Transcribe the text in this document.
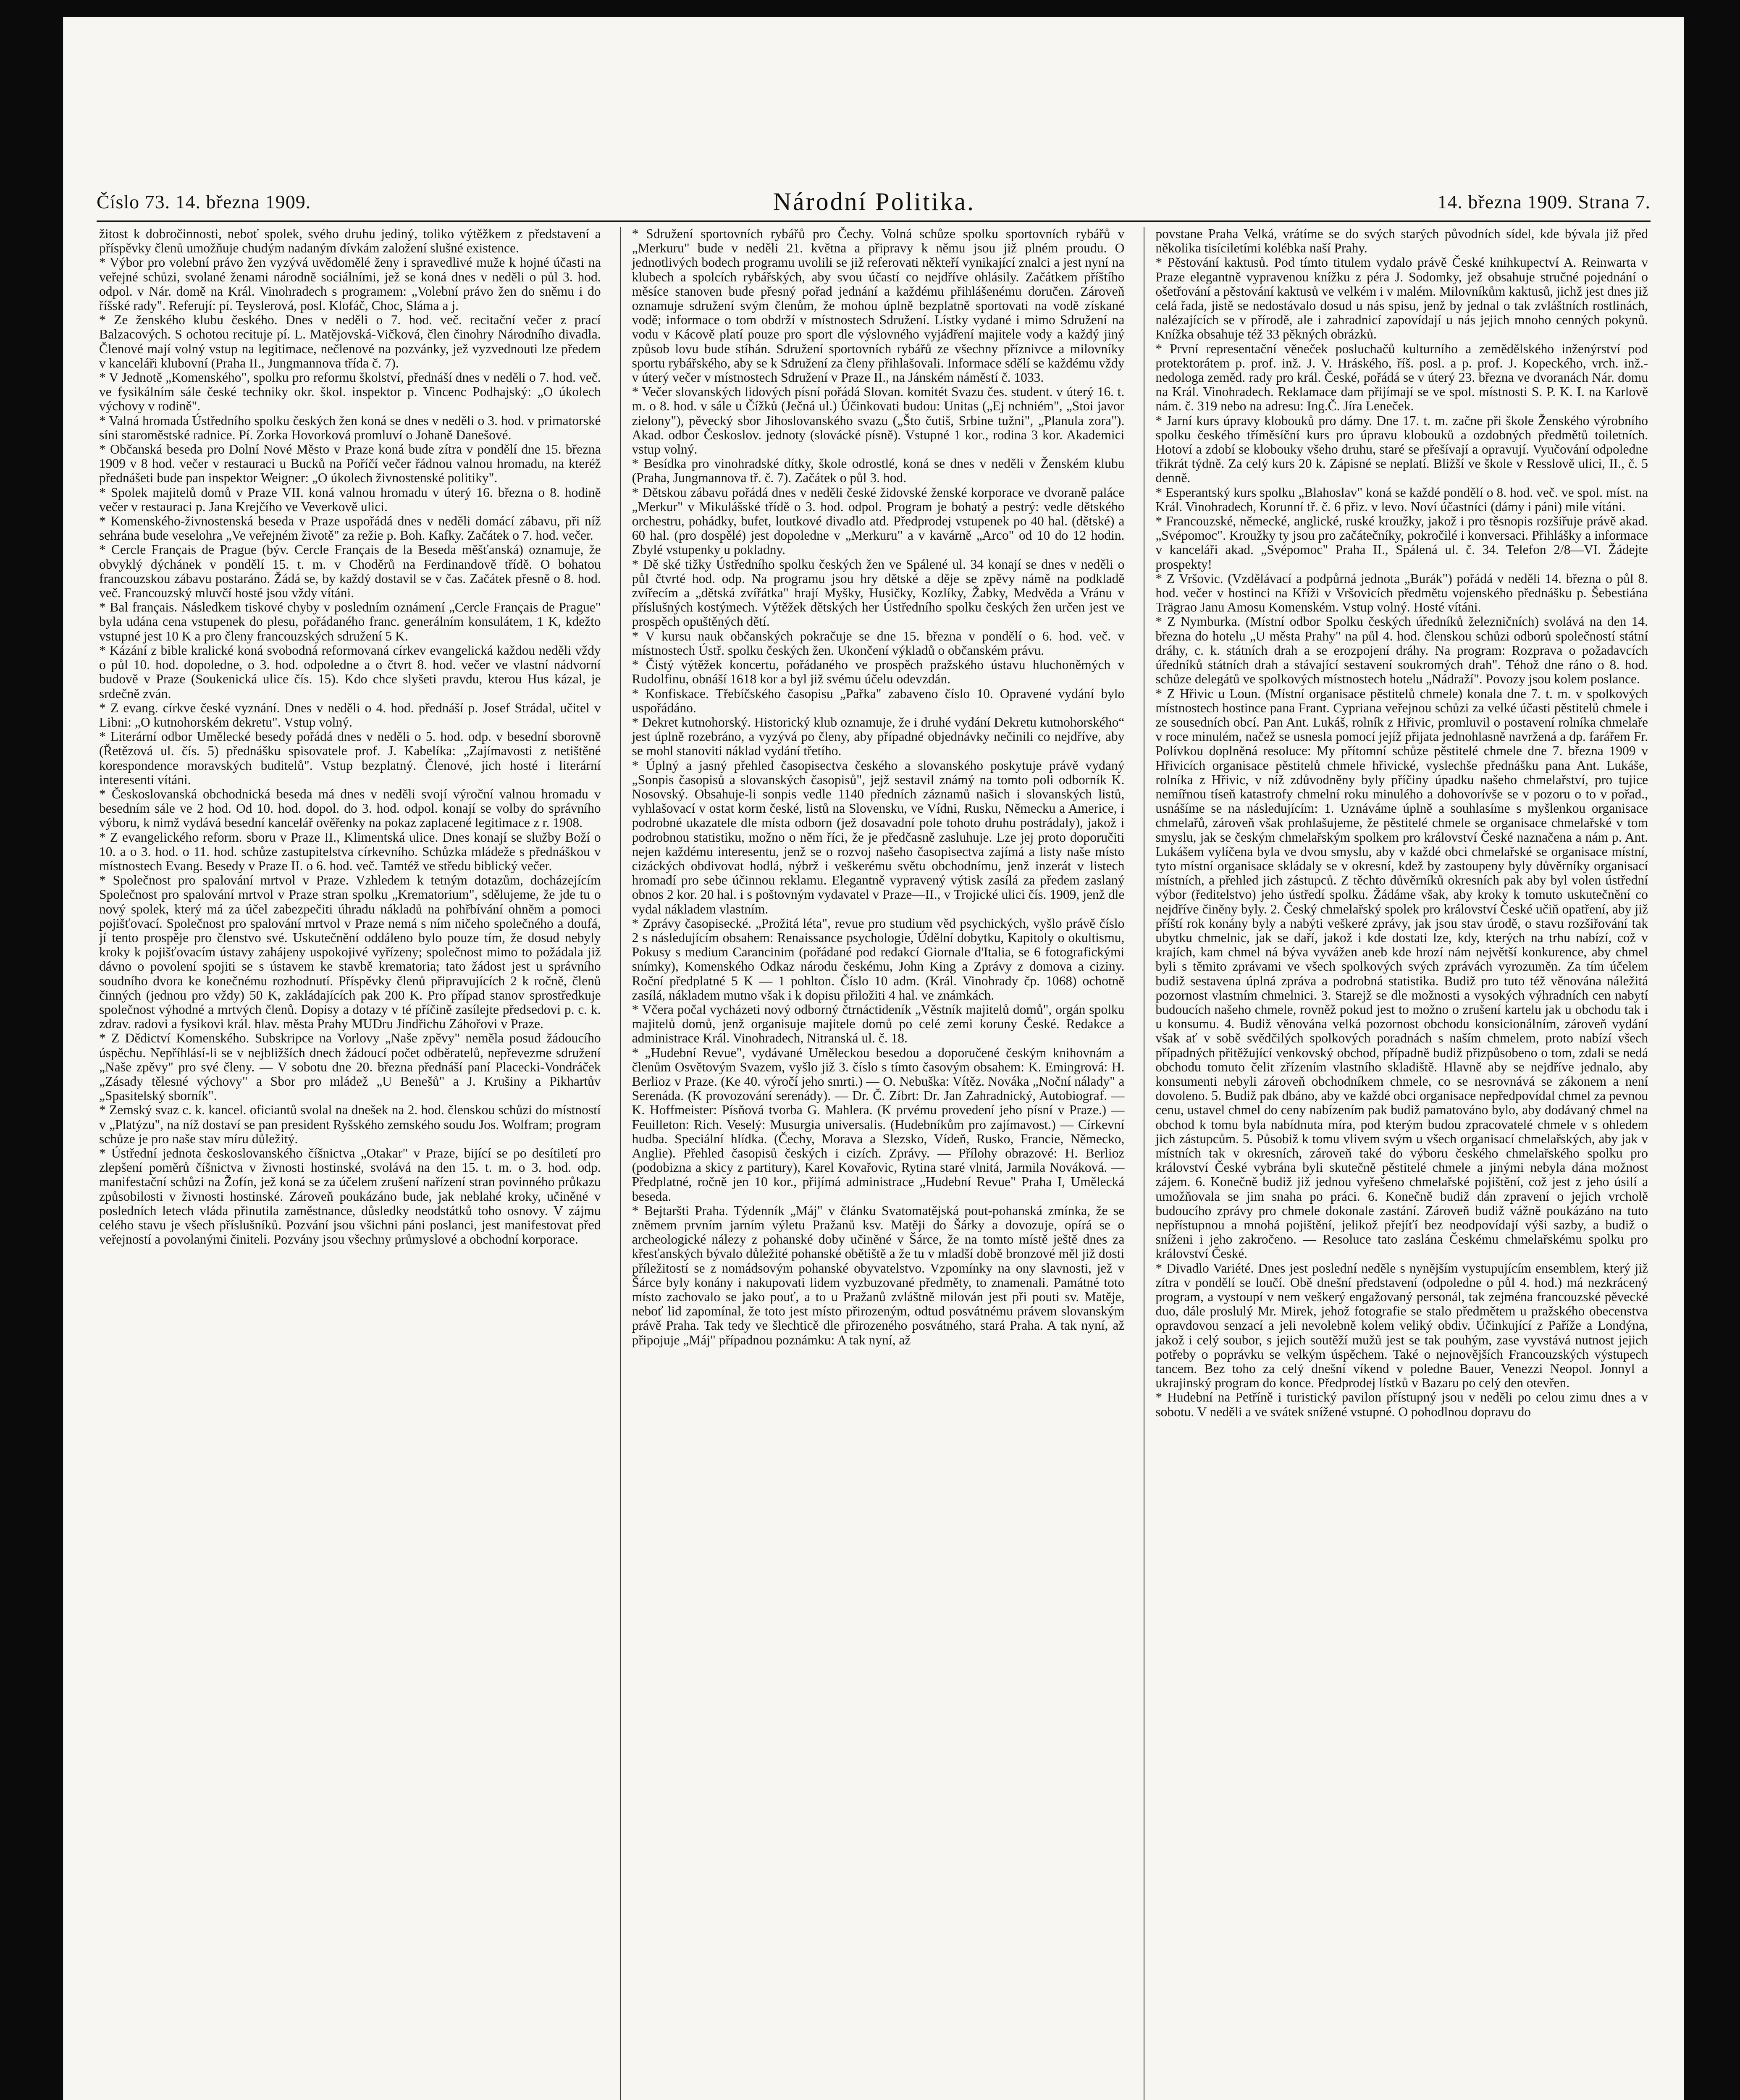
Číslo 73. 14. března 1909.	Národní Politika.	14. března 1909. Strana 7.
žitost k dobročinnosti, neboť spolek, svého druhu jediný, toliko výtěžkem z představení a příspěvky členů umožňuje chudým nadaným dívkám založení slušné existence.
* Výbor pro volební právo žen vyzývá uvědomělé ženy i spravedlivé muže k hojné účasti na veřejné schůzi, svolané ženami národně sociálními, jež se koná dnes v neděli o půl 3. hod. odpol. v Nár. domě na Král. Vinohradech s programem: „Volební právo žen do sněmu i do říšské rady". Referují: pí. Teyslerová, posl. Klofáč, Choc, Sláma a j.
* Ze ženského klubu českého. Dnes v neděli o 7. hod. več. recitační večer z prací Balzacových. S ochotou recituje pí. L. Matějovská-Vičková, člen činohry Národního divadla. Členové mají volný vstup na legitimace, nečlenové na pozvánky, jež vyzvednouti lze předem v kanceláři klubovní (Praha II., Jungmannova třída č. 7).
* V Jednotě „Komenského", spolku pro reformu školství, přednáší dnes v neděli o 7. hod. več. ve fysikálním sále české techniky okr. škol. inspektor p. Vincenc Podhajský: „O úkolech výchovy v rodině".
* Valná hromada Ústředního spolku českých žen koná se dnes v neděli o 3. hod. v primatorské síni staroměstské radnice. Pí. Zorka Hovorková promluví o Johaně Danešové.
* Občanská beseda pro Dolní Nové Město v Praze koná bude zítra v pondělí dne 15. března 1909 v 8 hod. večer v restauraci u Bucků na Poříčí večer řádnou valnou hromadu, na kteréž přednášeti bude pan inspektor Weigner: „O úkolech živnostenské politiky".
* Spolek majitelů domů v Praze VII. koná valnou hromadu v úterý 16. března o 8. hodině večer v restauraci p. Jana Krejčího ve Veverkově ulici.
* Komenského-živnostenská beseda v Praze uspořádá dnes v neděli domácí zábavu, při níž sehrána bude veselohra „Ve veřejném životě" za režie p. Boh. Kafky. Začátek o 7. hod. večer.
* Cercle Français de Prague (býv. Cercle Français de la Beseda měšťanská) oznamuje, že obvyklý dýchánek v pondělí 15. t. m. v Choděrů na Ferdinandově třídě. O bohatou francouzskou zábavu postaráno. Žádá se, by každý dostavil se v čas. Začátek přesně o 8. hod. več. Francouzský mluvčí hosté jsou vždy vítáni.
* Bal français. Následkem tiskové chyby v posledním oznámení „Cercle Français de Prague" byla udána cena vstupenek do plesu, pořádaného franc. generálním konsulátem, 1 K, kdežto vstupné jest 10 K a pro členy francouzských sdružení 5 K.
* Kázání z bible kralické koná svobodná reformovaná církev evangelická každou neděli vždy o půl 10. hod. dopoledne, o 3. hod. odpoledne a o čtvrt 8. hod. večer ve vlastní nádvorní budově v Praze (Soukenická ulice čís. 15). Kdo chce slyšeti pravdu, kterou Hus kázal, je srdečně zván.
* Z evang. církve české vyznání. Dnes v neděli o 4. hod. přednáší p. Josef Strádal, učitel v Libni: „O kutnohorském dekretu". Vstup volný.
* Literární odbor Umělecké besedy pořádá dnes v neděli o 5. hod. odp. v besední sborovně (Řetězová ul. čís. 5) přednášku spisovatele prof. J. Kabelíka: „Zajímavosti z netištěné korespondence moravských buditelů". Vstup bezplatný. Členové, jich hosté i literární interesenti vítáni.
* Českoslovanská obchodnická beseda má dnes v neděli svojí výroční valnou hromadu v besedním sále ve 2 hod. Od 10. hod. dopol. do 3. hod. odpol. konají se volby do správního výboru, k nimž vydává besední kancelář ověřenky na pokaz zaplacené legitimace z r. 1908.
* Z evangelického reform. sboru v Praze II., Klimentská ulice. Dnes konají se služby Boží o 10. a o 3. hod. o 11. hod. schůze zastupitelstva církevního. Schůzka mládeže s přednáškou v místnostech Evang. Besedy v Praze II. o 6. hod. več. Tamtéž ve středu biblický večer.
* Společnost pro spalování mrtvol v Praze. Vzhledem k tetným dotazům, docházejícím Společnost pro spalování mrtvol v Praze stran spolku „Krematorium", sdělujeme, že jde tu o nový spolek, který má za účel zabezpečiti úhradu nákladů na pohřbívání ohněm a pomoci pojišťovací. Společnost pro spalování mrtvol v Praze nemá s ním ničeho společného a doufá, jí tento prospěje pro členstvo své. Uskutečnění oddáleno bylo pouze tím, že dosud nebyly kroky k pojišťovacím ústavy zahájeny uspokojivé vyřízeny; společnost mimo to požádala již dávno o povolení spojiti se s ústavem ke stavbě krematoria; tato žádost jest u správního soudního dvora ke konečnému rozhodnutí. Příspěvky členů připravujících 2 k ročně, členů činných (jednou pro vždy) 50 K, zakládajících pak 200 K. Pro případ stanov sprostředkuje společnost výhodné a mrtvých členů. Dopisy a dotazy v té příčině zasílejte předsedovi p. c. k. zdrav. radovi a fysikovi král. hlav. města Prahy MUDru Jindřichu Záhořovi v Praze.
* Z Dědictví Komenského. Subskripce na Vorlovy „Naše zpěvy" neměla posud žádoucího úspěchu. Nepříhlásí-li se v nejbližších dnech žádoucí počet odběratelů, nepřevezme sdružení „Naše zpěvy" pro své členy. — V sobotu dne 20. března přednáší paní Placecki-Vondráček „Zásady tělesné výchovy" a Sbor pro mládež „U Benešů" a J. Krušiny a Pikhartův „Spasitelský sborník".
* Zemský svaz c. k. kancel. oficiantů svolal na dnešek na 2. hod. členskou schůzi do místností v „Platýzu", na níž dostaví se pan president Ryšského zemského soudu Jos. Wolfram; program schůze je pro naše stav míru důležitý.
* Ústřední jednota českoslovanského číšnictva „Otakar" v Praze, bijící se po desítiletí pro zlepšení poměrů číšnictva v živnosti hostinské, svolává na den 15. t. m. o 3. hod. odp. manifestační schůzi na Žofín, jež koná se za účelem zrušení nařízení stran povinného průkazu způsobilosti v živnosti hostinské. Zároveň poukázáno bude, jak neblahé kroky, učiněné v posledních letech vláda přinutila zaměstnance, důsledky neodstátků toho osnovy. V zájmu celého stavu je všech příslušníků. Pozvání jsou všichni páni poslanci, jest manifestovat před veřejností a povolanými činiteli. Pozvány jsou všechny průmyslové a obchodní korporace.
* Sdružení sportovních rybářů pro Čechy. Volná schůze spolku sportovních rybářů v „Merkuru" bude v neděli 21. května a připravy k němu jsou již plném proudu. O jednotlivých bodech programu uvolili se již referovati někteří vynikající znalci a jest nyní na klubech a spolcích rybářských, aby svou účastí co nejdříve ohlásily. Začátkem příštího měsíce stanoven bude přesný pořad jednání a každému přihlášenému doručen. Zároveň oznamuje sdružení svým členům, že mohou úplně bezplatně sportovati na vodě získané vodě; informace o tom obdrží v místnostech Sdružení. Lístky vydané i mimo Sdružení na vodu v Kácově platí pouze pro sport dle výslovného vyjádření majitele vody a každý jiný způsob lovu bude stíhán. Sdružení sportovních rybářů ze všechny příznivce a milovníky sportu rybářského, aby se k Sdružení za členy přihlašovali. Informace sdělí se každému vždy v úterý večer v místnostech Sdružení v Praze II., na Jánském náměstí č. 1033.
* Večer slovanských lidových písní pořádá Slovan. komitét Svazu čes. student. v úterý 16. t. m. o 8. hod. v sále u Čížků (Ječná ul.) Účinkovati budou: Unitas („Ej nchniém", „Stoi javor zielony"), pěvecký sbor Jihoslovanského svazu („Što čutiš, Srbine tužni", „Planula zora"). Akad. odbor Českoslov. jednoty (slovácké písně). Vstupné 1 kor., rodina 3 kor. Akademici vstup volný.
* Besídka pro vinohradské dítky, škole odrostlé, koná se dnes v neděli v Ženském klubu (Praha, Jungmannova tř. č. 7). Začátek o půl 3. hod.
* Dětskou zábavu pořádá dnes v neděli české židovské ženské korporace ve dvoraně paláce „Merkur" v Mikulášské třídě o 3. hod. odpol. Program je bohatý a pestrý: vedle dětského orchestru, pohádky, bufet, loutkové divadlo atd. Předprodej vstupenek po 40 hal. (dětské) a 60 hal. (pro dospělé) jest dopoledne v „Merkuru" a v kavárně „Arco" od 10 do 12 hodin. Zbylé vstupenky u pokladny.
* Dě ské tižky Ústředního spolku českých žen ve Spálené ul. 34 konají se dnes v neděli o půl čtvrté hod. odp. Na programu jsou hry dětské a děje se zpěvy námě na podkladě zvířecím a „dětská zvířátka" hrají Myšky, Husičky, Kozlíky, Žabky, Medvěda a Vránu v příslušných kostýmech. Výtěžek dětských her Ústředního spolku českých žen určen jest ve prospěch opuštěných dětí.
* V kursu nauk občanských pokračuje se dne 15. března v pondělí o 6. hod. več. v místnostech Ústř. spolku českých žen. Ukončení výkladů o občanském právu.
* Čistý výtěžek koncertu, pořádaného ve prospěch pražského ústavu hluchoněmých v Rudolfinu, obnáší 1618 kor a byl již svému účelu odevzdán.
* Konfiskace. Třebíčského časopisu „Pařka" zabaveno číslo 10. Opravené vydání bylo uspořádáno.
* Dekret kutnohorský. Historický klub oznamuje, že i druhé vydání Dekretu kutnohorského“ jest úplně rozebráno, a vyzývá po členy, aby případné objednávky nečinili co nejdříve, aby se mohl stanoviti náklad vydání třetího.
* Úplný a jasný přehled časopisectva českého a slovanského poskytuje právě vydaný „Sonpis časopisů a slovanských časopisů", jejž sestavil známý na tomto poli odborník K. Nosovský. Obsahuje-li sonpis vedle 1140 předních záznamů našich i slovanských listů, vyhlašovací v ostat korm české, listů na Slovensku, ve Vídni, Rusku, Německu a Americe, i podrobné ukazatele dle místa odborn (jež dosavadní pole tohoto druhu postrádaly), jakož i podrobnou statistiku, možno o něm říci, že je předčasně zasluhuje. Lze jej proto doporučiti nejen každému interesentu, jenž se o rozvoj našeho časopisectva zajímá a listy naše místo cizáckých obdivovat hodlá, nýbrž i veškerému světu obchodnímu, jenž inzerát v listech hromadí pro sebe účinnou reklamu. Elegantně vypravený výtisk zasílá za předem zaslaný obnos 2 kor. 20 hal. i s poštovným vydavatel v Praze—II., v Trojické ulici čís. 1909, jenž dle vydal nákladem vlastním.
* Zprávy časopisecké. „Prožitá léta", revue pro studium věd psychických, vyšlo právě číslo 2 s následujícím obsahem: Renaissance psychologie, Údělní dobytku, Kapitoly o okultismu, Pokusy s medium Carancinim (pořádané pod redakcí Giornale d'Italia, se 6 fotografickými snímky), Komenského Odkaz národu českému, John King a Zprávy z domova a ciziny. Roční předplatné 5 K — 1 pohlton. Číslo 10 adm. (Král. Vinohrady čp. 1068) ochotně zasílá, nákladem mutno však i k dopisu přiložiti 4 hal. ve známkách.
* Včera počal vycházeti nový odborný čtrnáctideník „Věstník majitelů domů", orgán spolku majitelů domů, jenž organisuje majitele domů po celé zemi koruny České. Redakce a administrace Král. Vinohradech, Nitranská ul. č. 18.
* „Hudební Revue", vydávané Uměleckou besedou a doporučené českým knihovnám a členům Osvětovým Svazem, vyšlo již 3. číslo s tímto časovým obsahem: K. Emingrová: H. Berlioz v Praze. (Ke 40. výročí jeho smrti.) — O. Nebuška: Vítěz. Nováka „Noční nálady" a Serenáda. (K provozování serenády). — Dr. Č. Zíbrt: Dr. Jan Zahradnický, Autobiograf. — K. Hoffmeister: Písňová tvorba G. Mahlera. (K prvému provedení jeho písní v Praze.) — Feuilleton: Rich. Veselý: Musurgia universalis. (Hudebníkům pro zajímavost.) — Církevní hudba. Speciální hlídka. (Čechy, Morava a Slezsko, Vídeň, Rusko, Francie, Německo, Anglie). Přehled časopisů českých i cizích. Zprávy. — Přílohy obrazové: H. Berlioz (podobizna a skicy z partitury), Karel Kovařovic, Rytina staré vlnitá, Jarmila Nováková. — Předplatné, ročně jen 10 kor., přijímá administrace „Hudební Revue" Praha I, Umělecká beseda.
* Bejtaršti Praha. Týdenník „Máj" v článku Svatomatějská pout-pohanská zmínka, že se zněmem prvním jarním výletu Pražanů ksv. Matěji do Šárky a dovozuje, opírá se o archeologické nálezy z pohanské doby učiněné v Šárce, že na tomto místě ještě dnes za křesťanských bývalo důležité pohanské obětiště a že tu v mladší době bronzové měl již dosti příležitostí se z nomádsovým pohanské obyvatelstvo. Vzpomínky na ony slavnosti, jež v Šárce byly konány i nakupovati lidem vyzbuzované předměty, to znamenali. Památné toto místo zachovalo se jako pouť, a to u Pražanů zvláštně milován jest při pouti sv. Matěje, neboť lid zapomínal, že toto jest místo přirozeným, odtud posvátnému právem slovanským právě Praha. Tak tedy ve šlechticě dle přirozeného posvátného, stará Praha. A tak nyní, až připojuje „Máj" případnou poznámku: A tak nyní, až
povstane Praha Velká, vrátíme se do svých starých původních sídel, kde bývala již před několika tisíciletími kolébka naší Prahy.
* Pěstování kaktusů. Pod tímto titulem vydalo právě České knihkupectví A. Reinwarta v Praze elegantně vypravenou knížku z péra J. Sodomky, jež obsahuje stručné pojednání o ošetřování a pěstování kaktusů ve velkém i v malém. Milovníkům kaktusů, jichž jest dnes již celá řada, jistě se nedostávalo dosud u nás spisu, jenž by jednal o tak zvláštních rostlinách, nalézajících se v přírodě, ale i zahradnicí zapovídají u nás jejich mnoho cenných pokynů. Knížka obsahuje též 33 pěkných obrázků.
* První representační věneček posluchačů kulturního a zemědělského inženýrství pod protektorátem p. prof. inž. J. V. Hráského, říš. posl. a p. prof. J. Kopeckého, vrch. inž.-nedologa zeměd. rady pro král. České, pořádá se v úterý 23. března ve dvoranách Nár. domu na Král. Vinohradech. Reklamace dam přijímají se ve spol. místnosti S. P. K. I. na Karlově nám. č. 319 nebo na adresu: Ing.Č. Jíra Leneček.
* Jarní kurs úpravy klobouků pro dámy. Dne 17. t. m. začne při škole Ženského výrobního spolku českého tříměsíční kurs pro úpravu klobouků a ozdobných předmětů toiletních. Hotoví a zdobí se klobouky všeho druhu, staré se přešívají a opravují. Vyučování odpoledne třikrát týdně. Za celý kurs 20 k. Zápisné se neplatí. Bližší ve škole v Resslově ulici, II., č. 5 denně.
* Esperantský kurs spolku „Blahoslav" koná se každé pondělí o 8. hod. več. ve spol. míst. na Král. Vinohradech, Korunní tř. č. 6 přiz. v levo. Noví účastníci (dámy i páni) mile vítáni.
* Francouzské, německé, anglické, ruské kroužky, jakož i pro těsnopis rozšiřuje právě akad. „Svépomoc". Kroužky ty jsou pro začátečníky, pokročilé i konversaci. Přihlášky a informace v kanceláři akad. „Svépomoc" Praha II., Spálená ul. č. 34. Telefon 2/8—VI. Žádejte prospekty!
* Z Vršovic. (Vzdělávací a podpůrná jednota „Burák") pořádá v neděli 14. března o půl 8. hod. večer v hostinci na Kříži v Vršovicích předmětu vojenského přednášku p. Šebestiána Trägrao Janu Amosu Komenském. Vstup volný. Hosté vítáni.
* Z Nymburka. (Místní odbor Spolku českých úředníků železničních) svolává na den 14. března do hotelu „U města Prahy" na půl 4. hod. členskou schůzi odborů společností státní dráhy, c. k. státních drah a se erozpojení dráhy. Na program: Rozprava o požadavcích úředníků státních drah a stávající sestavení soukromých drah". Téhož dne ráno o 8. hod. schůze delegátů ve spolkových místnostech hotelu „Nádraží". Povozy jsou kolem poslance.
* Z Hřivic u Loun. (Místní organisace pěstitelů chmele) konala dne 7. t. m. v spolkových místnostech hostince pana Frant. Cypriana veřejnou schůzi za velké účasti pěstitelů chmele i ze sousedních obcí. Pan Ant. Lukáš, rolník z Hřivic, promluvil o postavení rolníka chmelaře v roce minulém, načež se usnesla pomocí jejíž přijata jednohlasně navržená a dp. farářem Fr. Polívkou doplněná resoluce: My přítomní schůze pěstitelé chmele dne 7. března 1909 v Hřivicích organisace pěstitelů chmele hřivické, vyslechše přednášku pana Ant. Lukáše, rolníka z Hřivic, v níž zdůvodněny byly příčiny úpadku našeho chmelařství, pro tujice nemířnou tíseň katastrofy chmelní roku minulého a dohovorívše se v pozoru o to v pořad., usnášíme se na následujícím: 1. Uznáváme úplně a souhlasíme s myšlenkou organisace chmelařů, zároveň však prohlašujeme, že pěstitelé chmele se organisace chmelařské v tom smyslu, jak se českým chmelařským spolkem pro království České naznačena a nám p. Ant. Lukášem vylíčena byla ve dvou smyslu, aby v každé obci chmelařské se organisace místní, tyto místní organisace skládaly se v okresní, kdež by zastoupeny byly důvěrníky organisací místních, a přehled jich zástupců. Z těchto důvěrníků okresních pak aby byl volen ústřední výbor (ředitelstvo) jeho ústředí spolku. Žádáme však, aby kroky k tomuto uskutečnění co nejdříve činěny byly. 2. Český chmelařský spolek pro království České učiň opatření, aby již příští rok konány byly a nabýti veškeré zprávy, jak jsou stav úrodě, o stavu rozšiřování tak ubytku chmelnic, jak se daří, jakož i kde dostati lze, kdy, kterých na trhu nabízí, což v krajích, kam chmel ná býva vyvážen aneb kde hrozí nám největší konkurence, aby chmel byli s těmito zprávami ve všech spolkových svých zprávách vyrozuměn. Za tím účelem budiž sestavena úplná zpráva a podrobná statistika. Budiž pro tuto též věnována náležitá pozornost vlastním chmelnici. 3. Starejž se dle možnosti a vysokých výhradních cen nabytí budoucích našeho chmele, rovněž pokud jest to možno o zrušení kartelu jak u obchodu tak i u konsumu. 4. Budiž věnována velká pozornost obchodu konsicionálním, zároveň vydání však ať v sobě svědčilých spolkových poradnách s naším chmelem, proto nabízí všech případných přitěžující venkovský obchod, případně budiž přizpůsobeno o tom, zdali se nedá obchodu tomuto čelit zřízením vlastního skladiště. Hlavně aby se nejdříve jednalo, aby konsumenti nebyli zároveň obchodníkem chmele, co se nesrovnává se zákonem a není dovoleno. 5. Budiž pak dbáno, aby ve každé obci organisace nepředpovídal chmel za pevnou cenu, ustavel chmel do ceny nabízením pak budiž pamatováno bylo, aby dodávaný chmel na obchod k tomu byla nabídnuta míra, pod kterým budou zpracovatelé chmele v s ohledem jich zástupcům. 5. Působiž k tomu vlivem svým u všech organisací chmelařských, aby jak v místních tak v okresních, zároveň také do výboru českého chmelařského spolku pro království České vybrána byli skutečně pěstitelé chmele a jinými nebyla dána možnost zájem. 6. Konečně budiž již jednou vyřešeno chmelařské pojištění, což jest z jeho úsilí a umožňovala se jim snaha po práci. 6. Konečně budiž dán zpravení o jejich vrcholě budoucího zprávy pro chmele dokonale zastání. Zároveň budiž vážně poukázáno na tuto nepřístupnou a mnohá pojištění, jelikož přejíťí bez neodpovídají výši sazby, a budiž o sníženi i jeho zakročeno. — Resoluce tato zaslána Českému chmelařskému spolku pro království České.
* Divadlo Variété. Dnes jest poslední neděle s nynějším vystupujícím ensemblem, který již zítra v pondělí se loučí. Obě dnešní představení (odpoledne o půl 4. hod.) má nezkrácený program, a vystoupí v nem veškerý engažovaný personál, tak zejména francouzské pěvecké duo, dále proslulý Mr. Mirek, jehož fotografie se stalo předmětem u pražského obecenstva opravdovou senzací a jeli nevolebně kolem veliký obdiv. Účinkující z Paříže a Londýna, jakož i celý soubor, s jejich soutěží mužů jest se tak pouhým, zase vyvstává nutnost jejich potřeby o poprávku se velkým úspěchem. Také o nejnovějších Francouzských výstupech tancem. Bez toho za celý dnešní víkend v poledne Bauer, Venezzi Neopol. Jonnyl a ukrajinský program do konce. Předprodej lístků v Bazaru po celý den otevřen.
* Hudební na Petříně i turistický pavilon přístupný jsou v neděli po celou zimu dnes a v sobotu. V neděli a ve svátek snížené vstupné. O pohodlnou dopravu do
